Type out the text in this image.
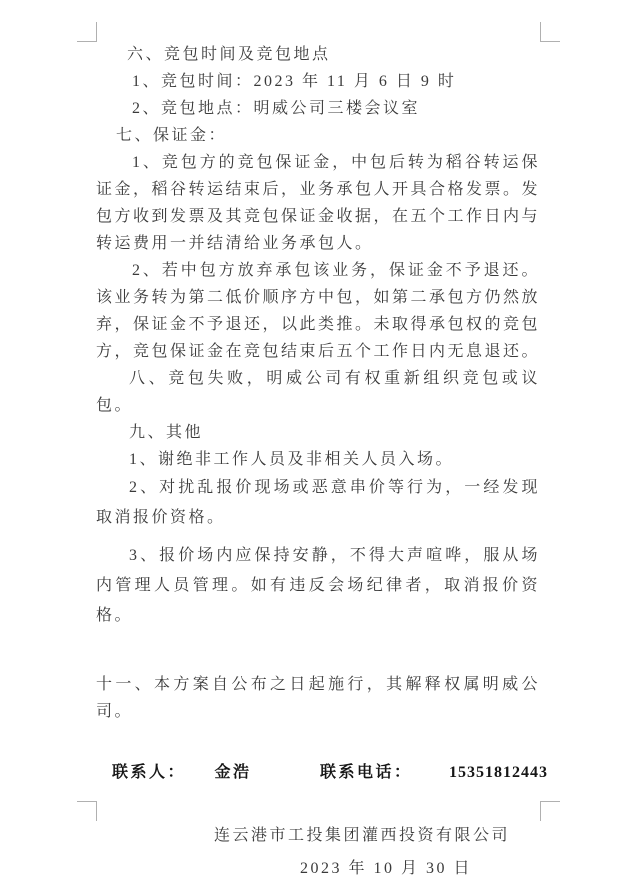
六、竞包时间及竞包地点

1、竞包时间：2023 年 11 月 6 日 9 时

2、竞包地点：明威公司三楼会议室

七、保证金：

1、竞包方的竞包保证金，中包后转为稻谷转运保证金，稻谷转运结束后，业务承包人开具合格发票。发包方收到发票及其竞包保证金收据，在五个工作日内与转运费用一并结清给业务承包人。

2、若中包方放弃承包该业务，保证金不予退还。该业务转为第二低价顺序方中包，如第二承包方仍然放弃，保证金不予退还，以此类推。未取得承包权的竞包方，竞包保证金在竞包结束后五个工作日内无息退还。

八、竞包失败，明威公司有权重新组织竞包或议包。

九、其他

1、谢绝非工作人员及非相关人员入场。

2、对扰乱报价现场或恶意串价等行为，一经发现取消报价资格。

3、报价场内应保持安静，不得大声喧哗，服从场内管理人员管理。如有违反会场纪律者，取消报价资格。

十一、本方案自公布之日起施行，其解释权属明威公司。

联系人： 金浩	联系电话： 15351812443

连云港市工投集团灌西投资有限公司

2023 年 10 月 30 日
